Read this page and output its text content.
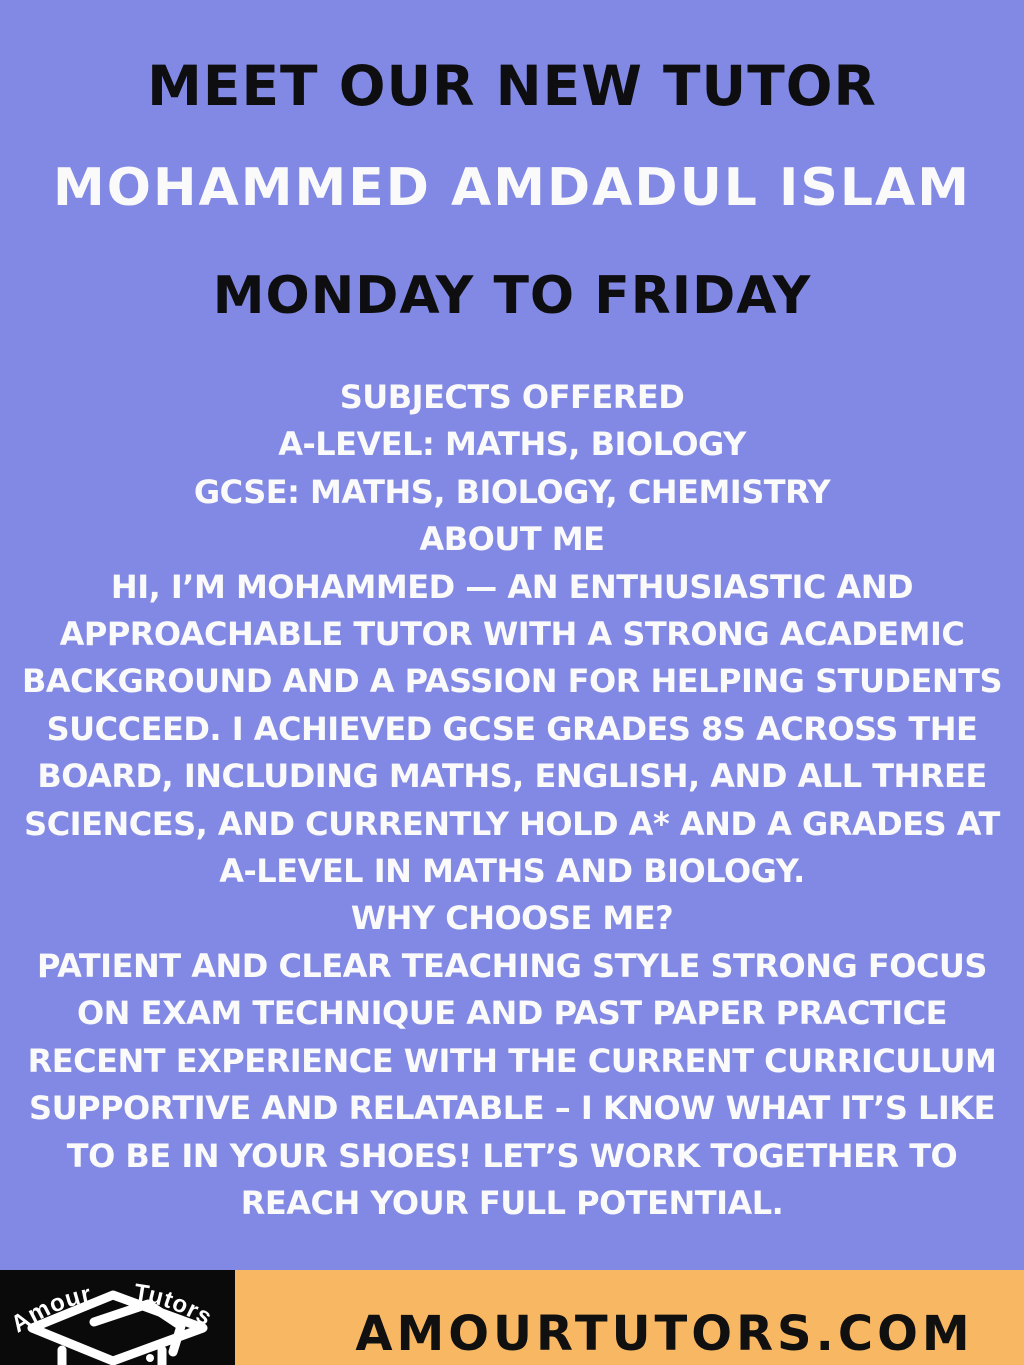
MEET OUR NEW TUTOR
MOHAMMED AMDADUL ISLAM
MONDAY TO FRIDAY
SUBJECTS OFFERED
A-LEVEL: MATHS, BIOLOGY
GCSE: MATHS, BIOLOGY, CHEMISTRY
ABOUT ME
HI, I’M MOHAMMED — AN ENTHUSIASTIC AND
APPROACHABLE TUTOR WITH A STRONG ACADEMIC
BACKGROUND AND A PASSION FOR HELPING STUDENTS
SUCCEED. I ACHIEVED GCSE GRADES 8S ACROSS THE
BOARD, INCLUDING MATHS, ENGLISH, AND ALL THREE
SCIENCES, AND CURRENTLY HOLD A* AND A GRADES AT
A-LEVEL IN MATHS AND BIOLOGY.
WHY CHOOSE ME?
PATIENT AND CLEAR TEACHING STYLE STRONG FOCUS
ON EXAM TECHNIQUE AND PAST PAPER PRACTICE
RECENT EXPERIENCE WITH THE CURRENT CURRICULUM
SUPPORTIVE AND RELATABLE – I KNOW WHAT IT’S LIKE
TO BE IN YOUR SHOES! LET’S WORK TOGETHER TO
REACH YOUR FULL POTENTIAL.
Amour Tutors	AMOURTUTORS.COM
